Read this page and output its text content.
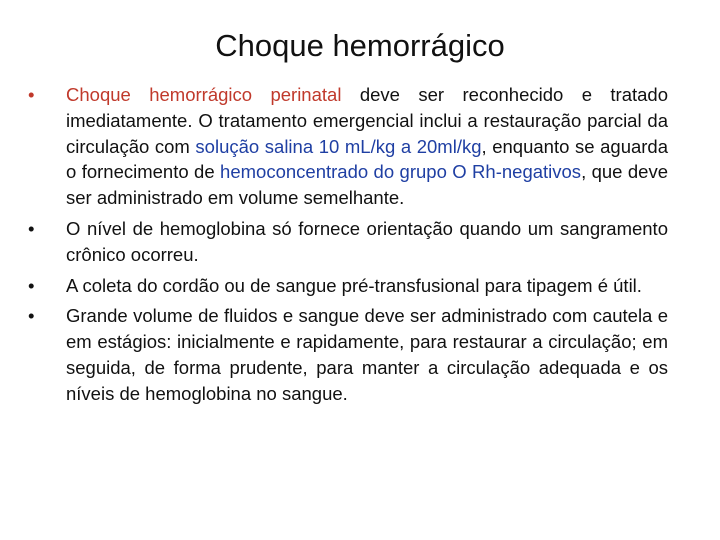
Choque hemorrágico
•	Choque hemorrágico perinatal deve ser reconhecido e tratado imediatamente. O tratamento emergencial inclui a restauração parcial da circulação com solução salina 10 mL/kg a 20ml/kg, enquanto se aguarda o fornecimento de hemoconcentrado do grupo O Rh-negativos, que deve ser administrado em volume semelhante.
•	O nível de hemoglobina só fornece orientação quando um sangramento crônico ocorreu.
•	A coleta do cordão ou de sangue pré-transfusional para tipagem é útil.
•	Grande volume de fluidos e sangue deve ser administrado com cautela e em estágios: inicialmente e rapidamente, para restaurar a circulação; em seguida, de forma prudente, para manter a circulação adequada e os níveis de hemoglobina no sangue.
